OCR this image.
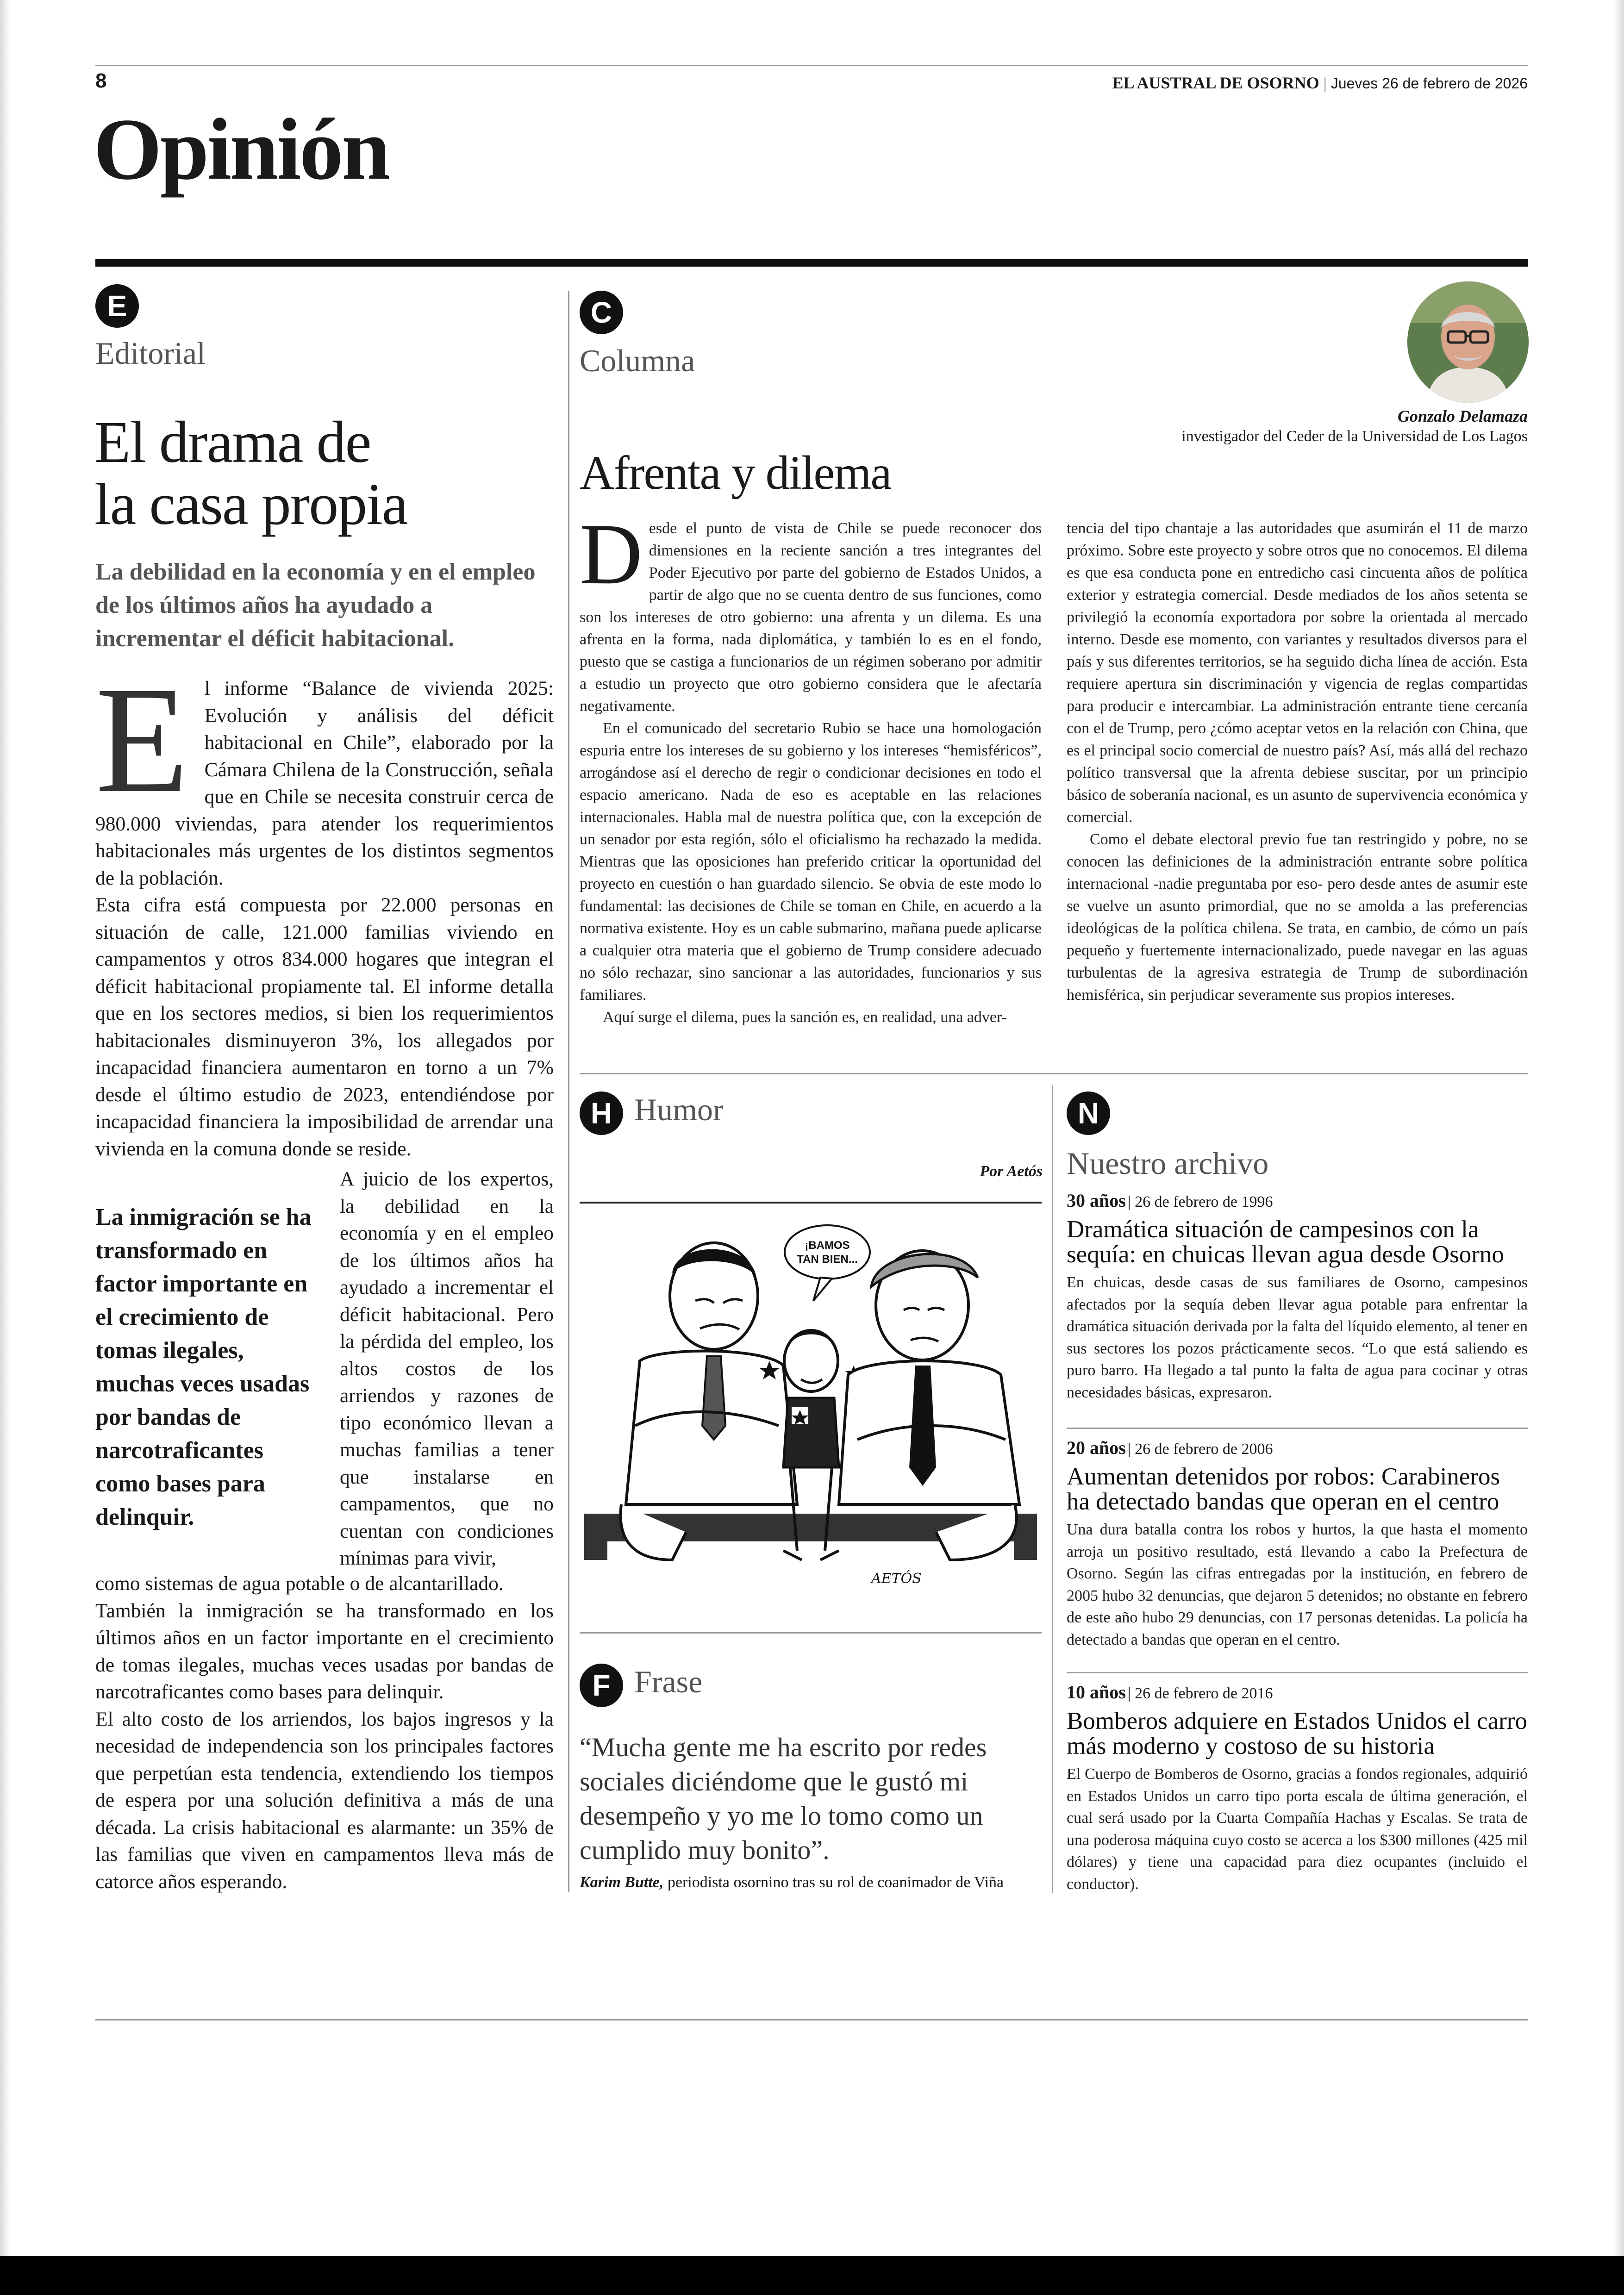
8	EL AUSTRAL DE OSORNO | Jueves 26 de febrero de 2026
Opinión
E
Editorial
El drama de
la casa propia
La debilidad en la economía y en el empleo de los últimos años ha ayudado a incrementar el déficit habitacional.
E l informe “Balance de vivienda 2025: Evolución y análisis del déficit habitacional en Chile”, elaborado por la Cámara Chilena de la Construcción, señala que en Chile se necesita construir cerca de 980.000 viviendas, para atender los requerimientos habitacionales más urgentes de los distintos segmentos de la población.

Esta cifra está compuesta por 22.000 personas en situación de calle, 121.000 familias viviendo en campamentos y otros 834.000 hogares que integran el déficit habitacional propiamente tal. El informe detalla que en los sectores medios, si bien los requerimientos habitacionales disminuyeron 3%, los allegados por incapacidad financiera aumentaron en torno a un 7% desde el último estudio de 2023, entendiéndose por incapacidad financiera la imposibilidad de arrendar una vivienda en la comuna donde se reside.

La inmigración se ha transformado en factor importante en el crecimiento de tomas ilegales, muchas veces usadas por bandas de narcotraficantes como bases para delinquir.

A juicio de los expertos, la debilidad en la economía y en el empleo de los últimos años ha ayudado a incrementar el déficit habitacional. Pero la pérdida del empleo, los altos costos de los arriendos y razones de tipo económico llevan a muchas familias a tener que instalarse en campamentos, que no cuentan con condiciones mínimas para vivir,

como sistemas de agua potable o de alcantarillado.

También la inmigración se ha transformado en los últimos años en un factor importante en el crecimiento de tomas ilegales, muchas veces usadas por bandas de narcotraficantes como bases para delinquir.

El alto costo de los arriendos, los bajos ingresos y la necesidad de independencia son los principales factores que perpetúan esta tendencia, extendiendo los tiempos de espera por una solución definitiva a más de una década. La crisis habitacional es alarmante: un 35% de las familias que viven en campamentos lleva más de catorce años esperando.

C
Columna
Gonzalo Delamaza
investigador del Ceder de la Universidad de Los Lagos
Afrenta y dilema
D esde el punto de vista de Chile se puede reconocer dos dimensiones en la reciente sanción a tres integrantes del Poder Ejecutivo por parte del gobierno de Estados Unidos, a partir de algo que no se cuenta dentro de sus funciones, como son los intereses de otro gobierno: una afrenta y un dilema. Es una afrenta en la forma, nada diplomática, y también lo es en el fondo, puesto que se castiga a funcionarios de un régimen soberano por admitir a estudio un proyecto que otro gobierno considera que le afectaría negativamente.

En el comunicado del secretario Rubio se hace una homologación espuria entre los intereses de su gobierno y los intereses “hemisféricos”, arrogándose así el derecho de regir o condicionar decisiones en todo el espacio americano. Nada de eso es aceptable en las relaciones internacionales. Habla mal de nuestra política que, con la excepción de un senador por esta región, sólo el oficialismo ha rechazado la medida. Mientras que las oposiciones han preferido criticar la oportunidad del proyecto en cuestión o han guardado silencio. Se obvia de este modo lo fundamental: las decisiones de Chile se toman en Chile, en acuerdo a la normativa existente. Hoy es un cable submarino, mañana puede aplicarse a cualquier otra materia que el gobierno de Trump considere adecuado no sólo rechazar, sino sancionar a las autoridades, funcionarios y sus familiares.

Aquí surge el dilema, pues la sanción es, en realidad, una adver-

tencia del tipo chantaje a las autoridades que asumirán el 11 de marzo próximo. Sobre este proyecto y sobre otros que no conocemos. El dilema es que esa conducta pone en entredicho casi cincuenta años de política exterior y estrategia comercial. Desde mediados de los años setenta se privilegió la economía exportadora por sobre la orientada al mercado interno. Desde ese momento, con variantes y resultados diversos para el país y sus diferentes territorios, se ha seguido dicha línea de acción. Esta requiere apertura sin discriminación y vigencia de reglas compartidas para producir e intercambiar. La administración entrante tiene cercanía con el de Trump, pero ¿cómo aceptar vetos en la relación con China, que es el principal socio comercial de nuestro país? Así, más allá del rechazo político transversal que la afrenta debiese suscitar, por un principio básico de soberanía nacional, es un asunto de supervivencia económica y comercial.

Como el debate electoral previo fue tan restringido y pobre, no se conocen las definiciones de la administración entrante sobre política internacional -nadie preguntaba por eso- pero desde antes de asumir este se vuelve un asunto primordial, que no se amolda a las preferencias ideológicas de la política chilena. Se trata, en cambio, de cómo un país pequeño y fuertemente internacionalizado, puede navegar en las aguas turbulentas de la agresiva estrategia de Trump de subordinación hemisférica, sin perjudicar severamente sus propios intereses.

H Humor
Por Aetós
¡BAMOS
TAN BIEN...
AETÓS
F Frase
“Mucha gente me ha escrito por redes sociales diciéndome que le gustó mi desempeño y yo me lo tomo como un cumplido muy bonito”.
Karim Butte, periodista osornino tras su rol de coanimador de Viña
N
Nuestro archivo
30 años | 26 de febrero de 1996
Dramática situación de campesinos con la sequía: en chuicas llevan agua desde Osorno
En chuicas, desde casas de sus familiares de Osorno, campesinos afectados por la sequía deben llevar agua potable para enfrentar la dramática situación derivada por la falta del líquido elemento, al tener en sus sectores los pozos prácticamente secos. “Lo que está saliendo es puro barro. Ha llegado a tal punto la falta de agua para cocinar y otras necesidades básicas, expresaron.
20 años | 26 de febrero de 2006
Aumentan detenidos por robos: Carabineros ha detectado bandas que operan en el centro
Una dura batalla contra los robos y hurtos, la que hasta el momento arroja un positivo resultado, está llevando a cabo la Prefectura de Osorno. Según las cifras entregadas por la institución, en febrero de 2005 hubo 32 denuncias, que dejaron 5 detenidos; no obstante en febrero de este año hubo 29 denuncias, con 17 personas detenidas. La policía ha detectado a bandas que operan en el centro.
10 años | 26 de febrero de 2016
Bomberos adquiere en Estados Unidos el carro más moderno y costoso de su historia
El Cuerpo de Bomberos de Osorno, gracias a fondos regionales, adquirió en Estados Unidos un carro tipo porta escala de última generación, el cual será usado por la Cuarta Compañía Hachas y Escalas. Se trata de una poderosa máquina cuyo costo se acerca a los $300 millones (425 mil dólares) y tiene una capacidad para diez ocupantes (incluido el conductor).
